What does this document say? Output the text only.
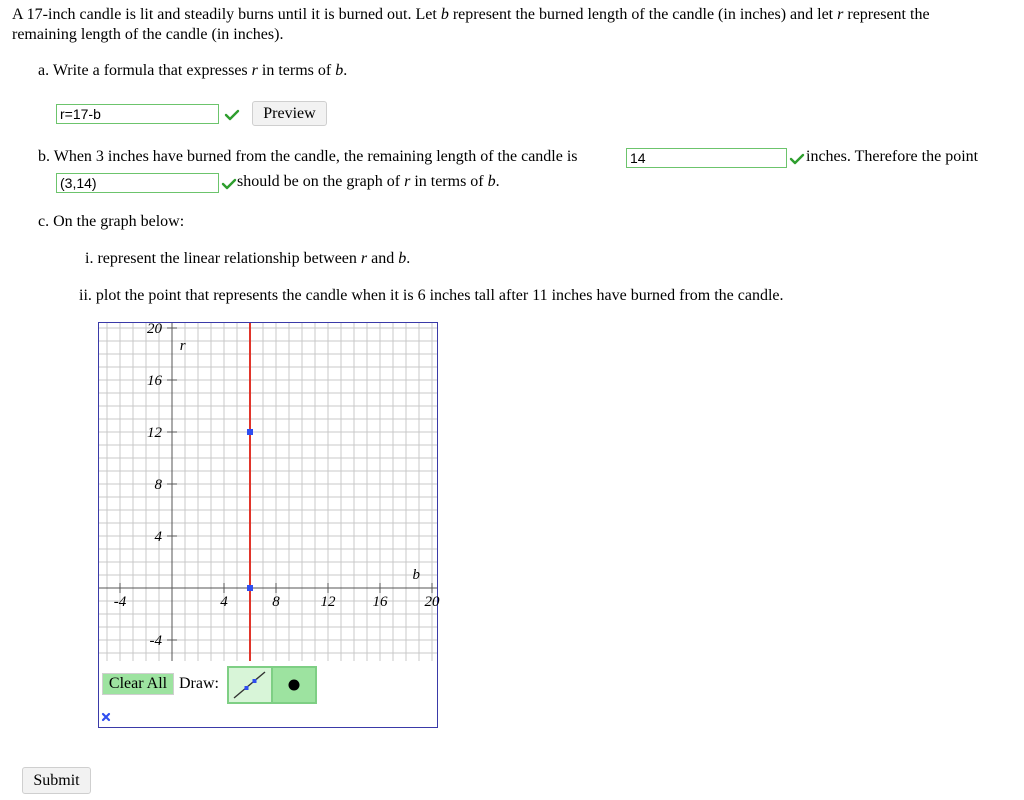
A 17-inch candle is lit and steadily burns until it is burned out. Let b represent the burned length of the candle (in inches) and let r represent the
remaining length of the candle (in inches).
a. Write a formula that expresses r in terms of b.
r=17-b
Preview
b. When 3 inches have burned from the candle, the remaining length of the candle is
14	inches. Therefore the point
(3,14)
should be on the graph of r in terms of b.
c. On the graph below:
i. represent the linear relationship between r and b.
ii. plot the point that represents the candle when it is 6 inches tall after 11 inches have burned from the candle.
-4	4	8	12 16 20
20
16
12
8
4
-4
b
r
Clear All Draw:
Submit
